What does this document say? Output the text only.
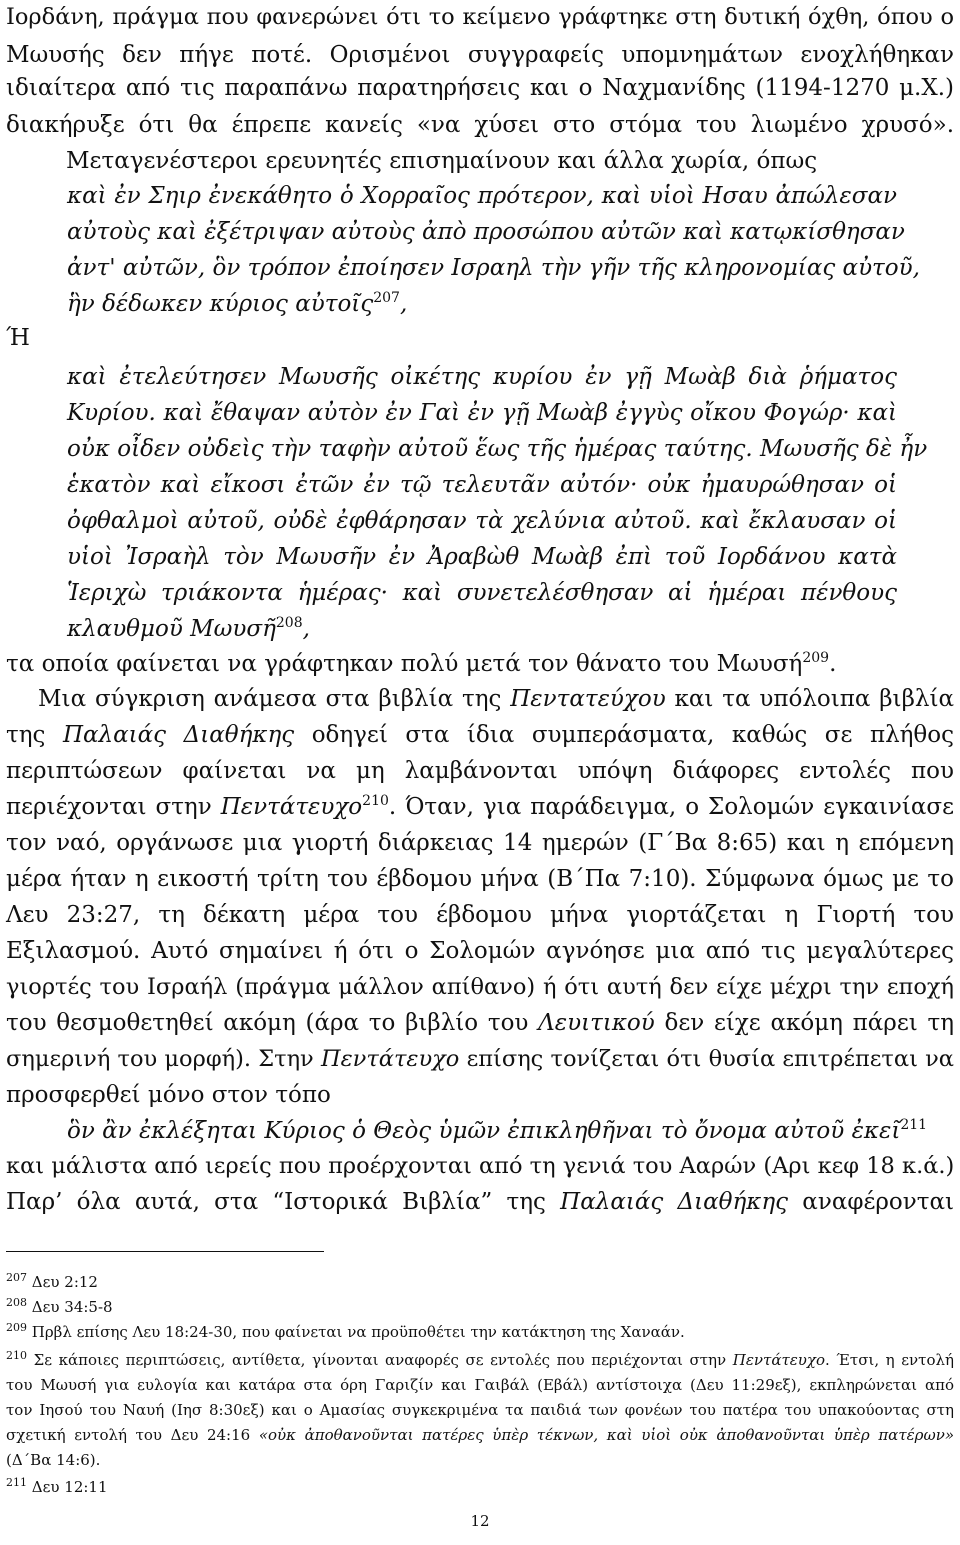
Ιορδάνη, πράγμα που φανερώνει ότι το κείμενο γράφτηκε στη δυτική όχθη, όπου ο
Μωυσής δεν πήγε ποτέ. Ορισμένοι συγγραφείς υπομνημάτων ενοχλήθηκαν
ιδιαίτερα από τις παραπάνω παρατηρήσεις και ο Ναχμανίδης (1194-1270 μ.Χ.)
διακήρυξε ότι θα έπρεπε κανείς «να χύσει στο στόμα του λιωμένο χρυσό».
Μεταγενέστεροι ερευνητές επισημαίνουν και άλλα χωρία, όπως
καὶ ἐν Σηιρ ἐνεκάθητο ὁ Χορραῖος πρότερον, καὶ υἱοὶ Ησαυ ἀπώλεσαν
αὐτοὺς καὶ ἐξέτριψαν αὐτοὺς ἀπὸ προσώπου αὐτῶν καὶ κατῳκίσθησαν
ἀντ' αὐτῶν, ὃν τρόπον ἐποίησεν Ισραηλ τὴν γῆν τῆς κληρονομίας αὐτοῦ,
ἣν δέδωκεν κύριος αὐτοῖς$^{207}$,
Ή
καὶ ἐτελεύτησεν Μωυσῆς οἰκέτης κυρίου ἐν γῇ Μωὰβ διὰ ῥήματος
Κυρίου. καὶ ἔθαψαν αὐτὸν ἐν Γαὶ ἐν γῇ Μωὰβ ἐγγὺς οἴκου Φογώρ· καὶ
οὐκ οἶδεν οὐδεὶς τὴν ταφὴν αὐτοῦ ἕως τῆς ἡμέρας ταύτης. Μωυσῆς δὲ ἦν
ἑκατὸν καὶ εἴκοσι ἐτῶν ἐν τῷ τελευτᾶν αὐτόν· οὐκ ἠμαυρώθησαν οἱ
ὀφθαλμοὶ αὐτοῦ, οὐδὲ ἐφθάρησαν τὰ χελύνια αὐτοῦ. καὶ ἔκλαυσαν οἱ
υἱοὶ Ἰσραὴλ τὸν Μωυσῆν ἐν Ἀραβὼθ Μωὰβ ἐπὶ τοῦ Ιορδάνου κατὰ
Ἱεριχὼ τριάκοντα ἡμέρας· καὶ συνετελέσθησαν αἱ ἡμέραι πένθους
κλαυθμοῦ Μωυσῆ$^{208}$,
τα οποία φαίνεται να γράφτηκαν πολύ μετά τον θάνατο του Μωυσή$^{209}$.
Μια σύγκριση ανάμεσα στα βιβλία της Πεντατεύχου και τα υπόλοιπα βιβλία
της Παλαιάς Διαθήκης οδηγεί στα ίδια συμπεράσματα, καθώς σε πλήθος
περιπτώσεων φαίνεται να μη λαμβάνονται υπόψη διάφορες εντολές που
περιέχονται στην Πεντάτευχο$^{210}$. Όταν, για παράδειγμα, ο Σολομών εγκαινίασε
τον ναό, οργάνωσε μια γιορτή διάρκειας 14 ημερών (Γ΄Βα 8:65) και η επόμενη
μέρα ήταν η εικοστή τρίτη του έβδομου μήνα (Β΄Πα 7:10). Σύμφωνα όμως με το
Λευ 23:27, τη δέκατη μέρα του έβδομου μήνα γιορτάζεται η Γιορτή του
Εξιλασμού. Αυτό σημαίνει ή ότι ο Σολομών αγνόησε μια από τις μεγαλύτερες
γιορτές του Ισραήλ (πράγμα μάλλον απίθανο) ή ότι αυτή δεν είχε μέχρι την εποχή
του θεσμοθετηθεί ακόμη (άρα το βιβλίο του Λευιτικού δεν είχε ακόμη πάρει τη
σημερινή του μορφή). Στην Πεντάτευχο επίσης τονίζεται ότι θυσία επιτρέπεται να
προσφερθεί μόνο στον τόπο
ὃν ἂν ἐκλέξηται Κύριος ὁ Θεὸς ὑμῶν ἐπικληθῆναι τὸ ὄνομα αὐτοῦ ἐκεῖ$^{211}$
και μάλιστα από ιερείς που προέρχονται από τη γενιά του Ααρών (Αρι κεφ 18 κ.ά.)
Παρ’ όλα αυτά, στα “Ιστορικά Βιβλία” της Παλαιάς Διαθήκης αναφέρονται
$^{207}$ Δευ 2:12
$^{208}$ Δευ 34:5-8
$^{209}$ Πρβλ επίσης Λευ 18:24-30, που φαίνεται να προϋποθέτει την κατάκτηση της Χαναάν.
$^{210}$ Σε κάποιες περιπτώσεις, αντίθετα, γίνονται αναφορές σε εντολές που περιέχονται στην Πεντάτευχο. Έτσι, η εντολή
του Μωυσή για ευλογία και κατάρα στα όρη Γαριζίν και Γαιβάλ (Εβάλ) αντίστοιχα (Δευ 11:29εξ), εκπληρώνεται από
τον Ιησού του Ναυή (Ιησ 8:30εξ) και ο Αμασίας συγκεκριμένα τα παιδιά των φονέων του πατέρα του υπακούοντας στη
σχετική εντολή του Δευ 24:16 «οὐκ ἀποθανοῦνται πατέρες ὑπὲρ τέκνων, καὶ υἱοὶ οὐκ ἀποθανοῦνται ὑπὲρ πατέρων»
(Δ΄Βα 14:6).
$^{211}$ Δευ 12:11
12
